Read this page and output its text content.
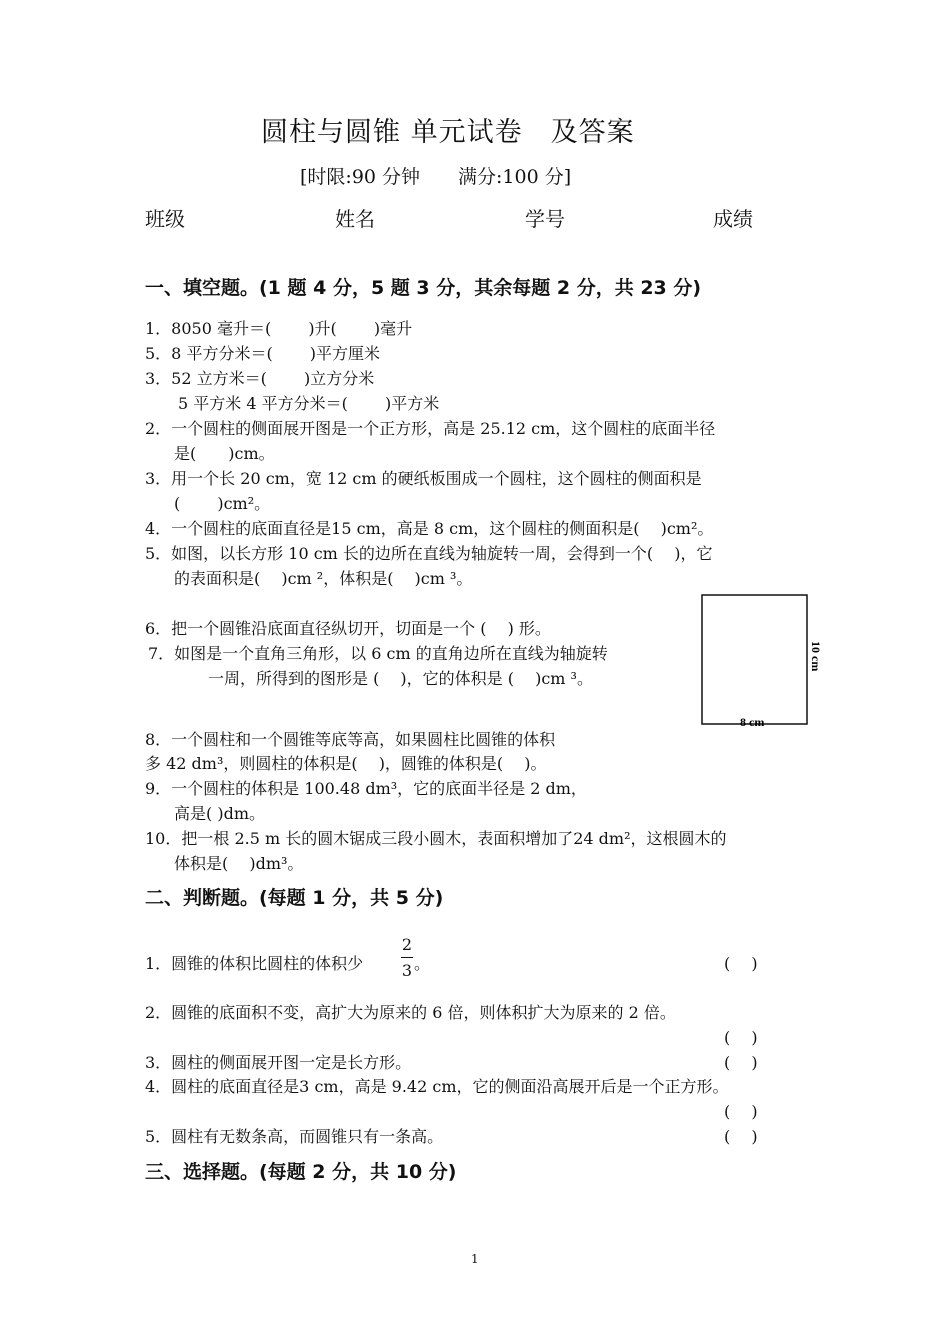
圆柱与圆锥 单元试卷　及答案
[时限:90 分钟　　满分:100 分]
班级	姓名	学号	成绩
一、填空题。(1 题 4 分，5 题 3 分，其余每题 2 分，共 23 分)
1．8050 毫升＝(　　 )升(　　 )毫升
5．8 平方分米＝(　　 )平方厘米
3．52 立方米＝(　　 )立方分米
5 平方米 4 平方分米＝(　　 )平方米
2．一个圆柱的侧面展开图是一个正方形，高是 25.12 cm，这个圆柱的底面半径
是(　　)cm。
3．用一个长 20 cm，宽 12 cm 的硬纸板围成一个圆柱，这个圆柱的侧面积是
(　　 )cm²。
4．一个圆柱的底面直径是15 cm，高是 8 cm，这个圆柱的侧面积是(　 )cm²。
5．如图，以长方形 10 cm 长的边所在直线为轴旋转一周，会得到一个(　 )，它
的表面积是(　 )cm ²，体积是(　 )cm ³。
6．把一个圆锥沿底面直径纵切开，切面是一个 (　 ) 形。
7．如图是一个直角三角形，以 6 cm 的直角边所在直线为轴旋转
一周，所得到的图形是 (　 )，它的体积是 (　 )cm ³。
8．一个圆柱和一个圆锥等底等高，如果圆柱比圆锥的体积
多 42 dm³，则圆柱的体积是(　 )，圆锥的体积是(　 )。
9．一个圆柱的体积是 100.48 dm³，它的底面半径是 2 dm，
高是( )dm。
10．把一根 2.5 m 长的圆木锯成三段小圆木，表面积增加了24 dm²，这根圆木的
体积是(　 )dm³。
8 cm
10 cm
二、判断题。(每题 1 分，共 5 分)
1．圆锥的体积比圆柱的体积少
2
3 。	(　 )
2．圆锥的底面积不变，高扩大为原来的 6 倍，则体积扩大为原来的 2 倍。
(　 )
3．圆柱的侧面展开图一定是长方形。	(　 )
4．圆柱的底面直径是3 cm，高是 9.42 cm，它的侧面沿高展开后是一个正方形。
(　 )
5．圆柱有无数条高，而圆锥只有一条高。	(　 )
三、选择题。(每题 2 分，共 10 分)
1
